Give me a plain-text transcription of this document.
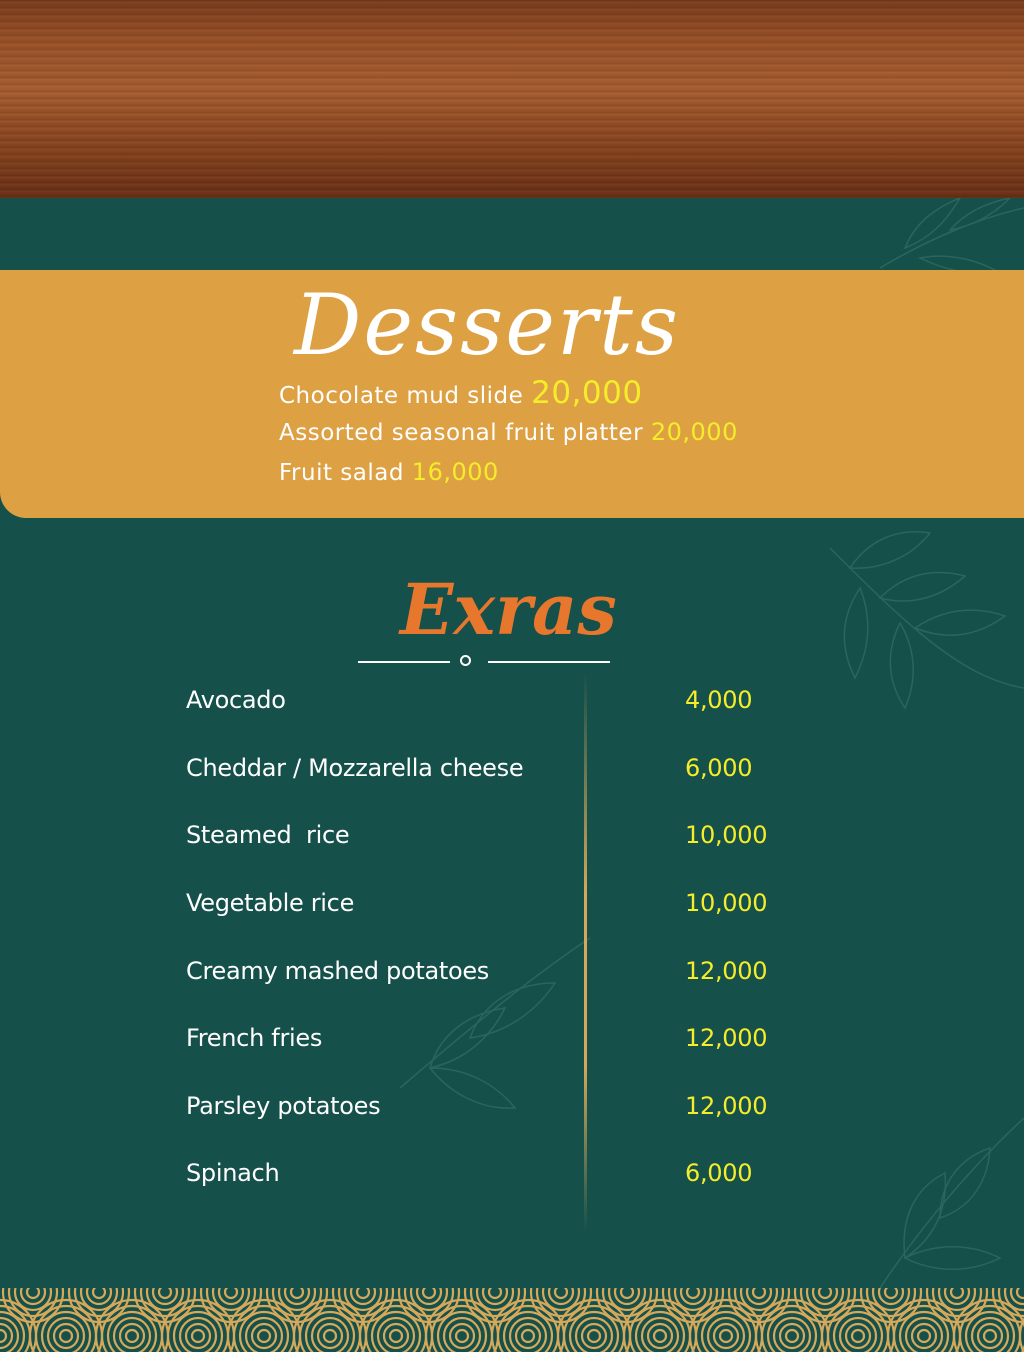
Desserts
Chocolate mud slide 20,000
Assorted seasonal fruit platter 20,000
Fruit salad 16,000
Exras
Avocado	4,000
Cheddar / Mozzarella cheese	6,000
Steamed  rice	10,000
Vegetable rice	10,000
Creamy mashed potatoes	12,000
French fries	12,000
Parsley potatoes	12,000
Spinach	6,000
